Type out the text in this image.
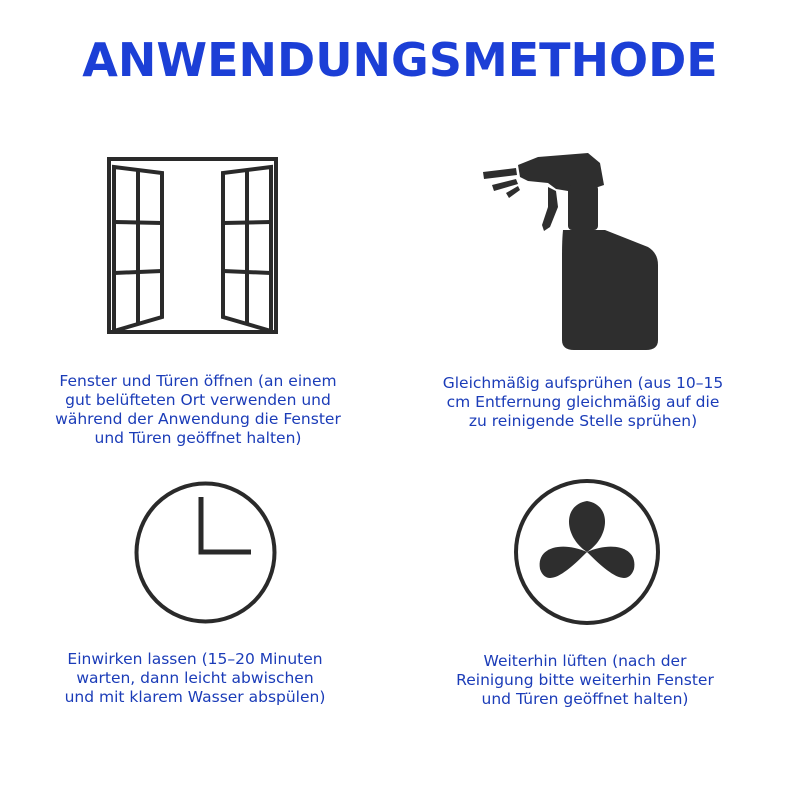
ANWENDUNGSMETHODE

Fenster und Türen öffnen (an einem gut belüfteten Ort verwenden und während der Anwendung die Fenster und Türen geöffnet halten)

Gleichmäßig aufsprühen (aus 10–15 cm Entfernung gleichmäßig auf die zu reinigende Stelle sprühen)

Einwirken lassen (15–20 Minuten warten, dann leicht abwischen und mit klarem Wasser abspülen)

Weiterhin lüften (nach der Reinigung bitte weiterhin Fenster und Türen geöffnet halten)
